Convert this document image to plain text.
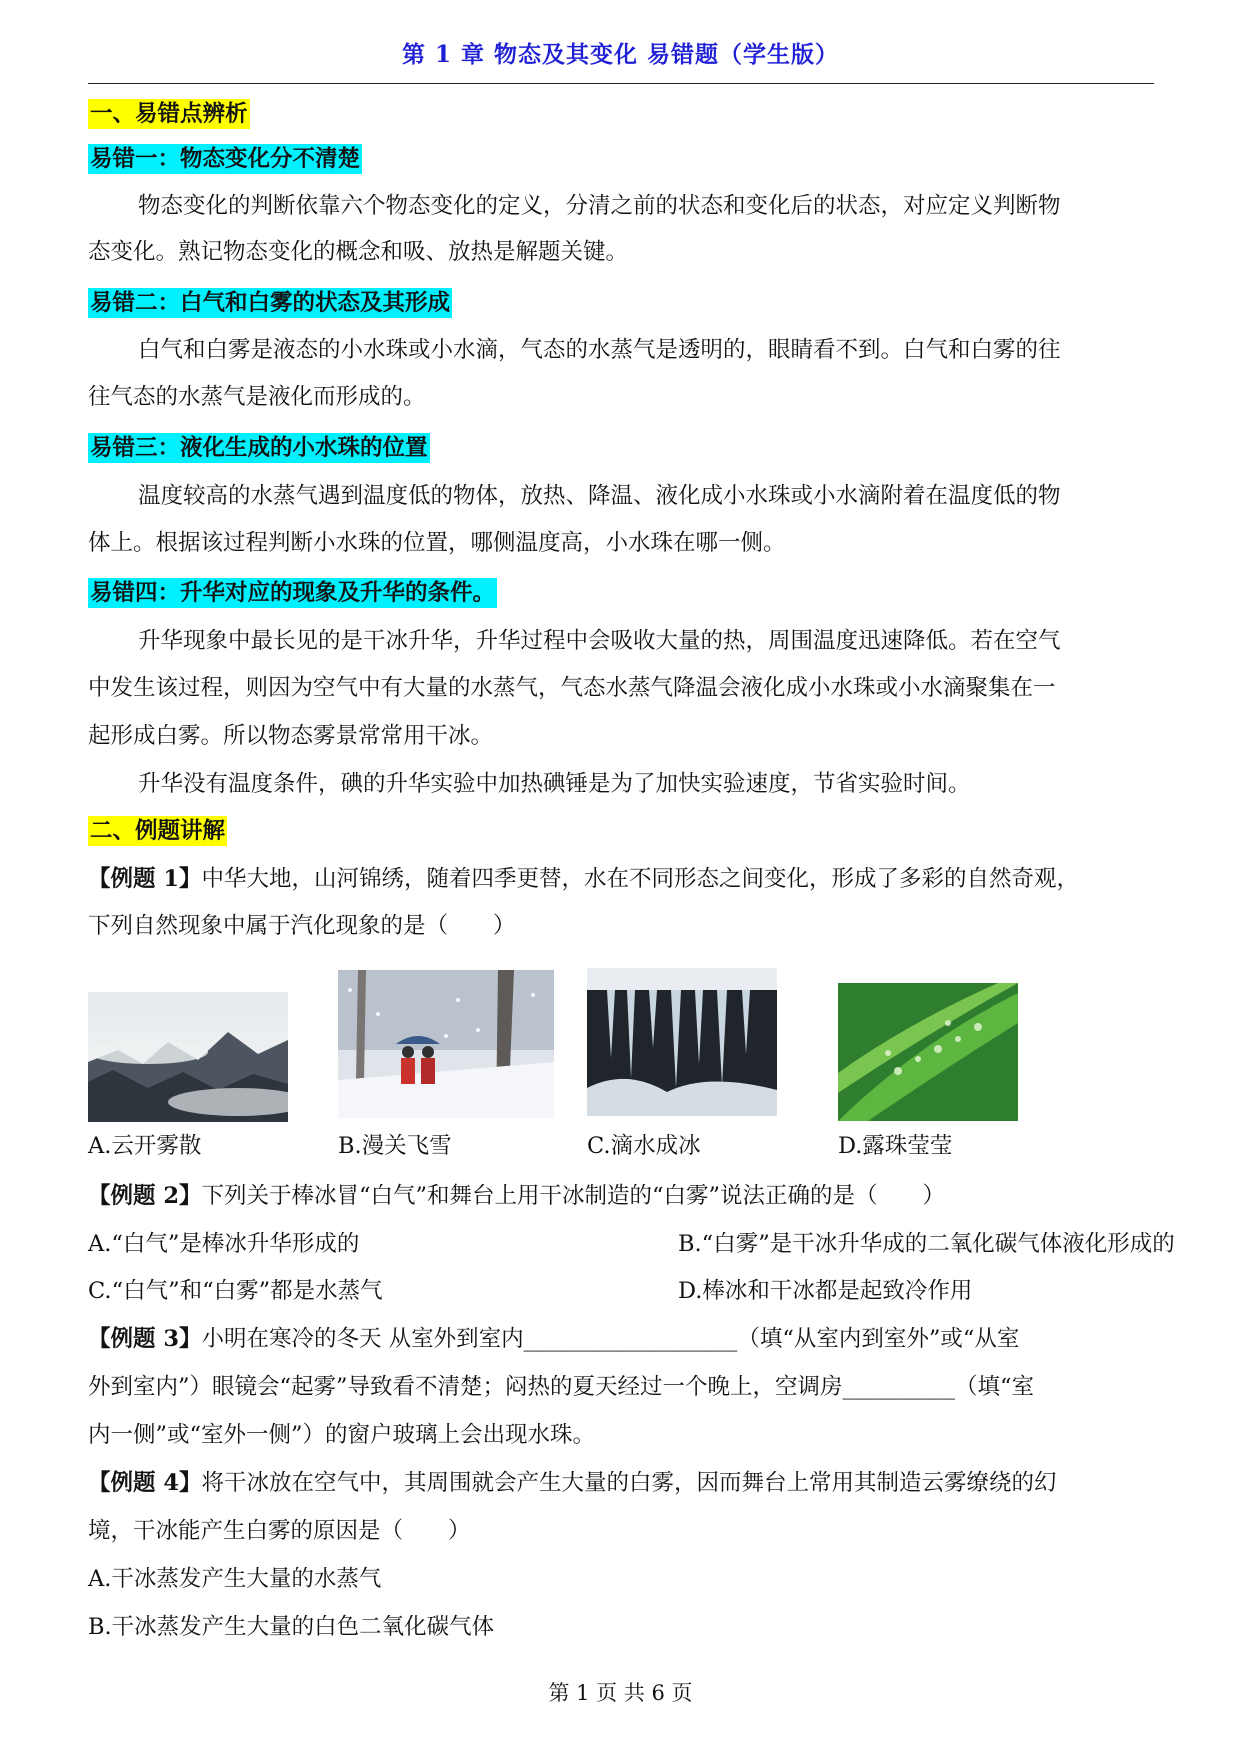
第 1 章 物态及其变化 易错题（学生版）
一、易错点辨析
易错一：物态变化分不清楚
物态变化的判断依靠六个物态变化的定义，分清之前的状态和变化后的状态，对应定义判断物
态变化。熟记物态变化的概念和吸、放热是解题关键。
易错二：白气和白雾的状态及其形成
白气和白雾是液态的小水珠或小水滴，气态的水蒸气是透明的，眼睛看不到。白气和白雾的往
往气态的水蒸气是液化而形成的。
易错三：液化生成的小水珠的位置
温度较高的水蒸气遇到温度低的物体，放热、降温、液化成小水珠或小水滴附着在温度低的物
体上。根据该过程判断小水珠的位置，哪侧温度高，小水珠在哪一侧。
易错四：升华对应的现象及升华的条件。
升华现象中最长见的是干冰升华，升华过程中会吸收大量的热，周围温度迅速降低。若在空气
中发生该过程，则因为空气中有大量的水蒸气，气态水蒸气降温会液化成小水珠或小水滴聚集在一
起形成白雾。所以物态雾景常常用干冰。
升华没有温度条件，碘的升华实验中加热碘锤是为了加快实验速度，节省实验时间。
二、例题讲解
【例题 1】中华大地，山河锦绣，随着四季更替，水在不同形态之间变化，形成了多彩的自然奇观，
下列自然现象中属于汽化现象的是（　　）
A.云开雾散	B.漫关飞雪	C.滴水成冰	D.露珠莹莹
【例题 2】下列关于棒冰冒“白气”和舞台上用干冰制造的“白雾”说法正确的是（　　）
A.“白气”是棒冰升华形成的	B.“白雾”是干冰升华成的二氧化碳气体液化形成的
C.“白气”和“白雾”都是水蒸气	D.棒冰和干冰都是起致冷作用
【例题 3】小明在寒冷的冬天 从室外到室内___________________（填“从室内到室外”或“从室
外到室内”）眼镜会“起雾”导致看不清楚；闷热的夏天经过一个晚上，空调房__________（填“室
内一侧”或“室外一侧”）的窗户玻璃上会出现水珠。
【例题 4】将干冰放在空气中，其周围就会产生大量的白雾，因而舞台上常用其制造云雾缭绕的幻
境，干冰能产生白雾的原因是（　　）
A.干冰蒸发产生大量的水蒸气
B.干冰蒸发产生大量的白色二氧化碳气体
第 1 页 共 6 页
